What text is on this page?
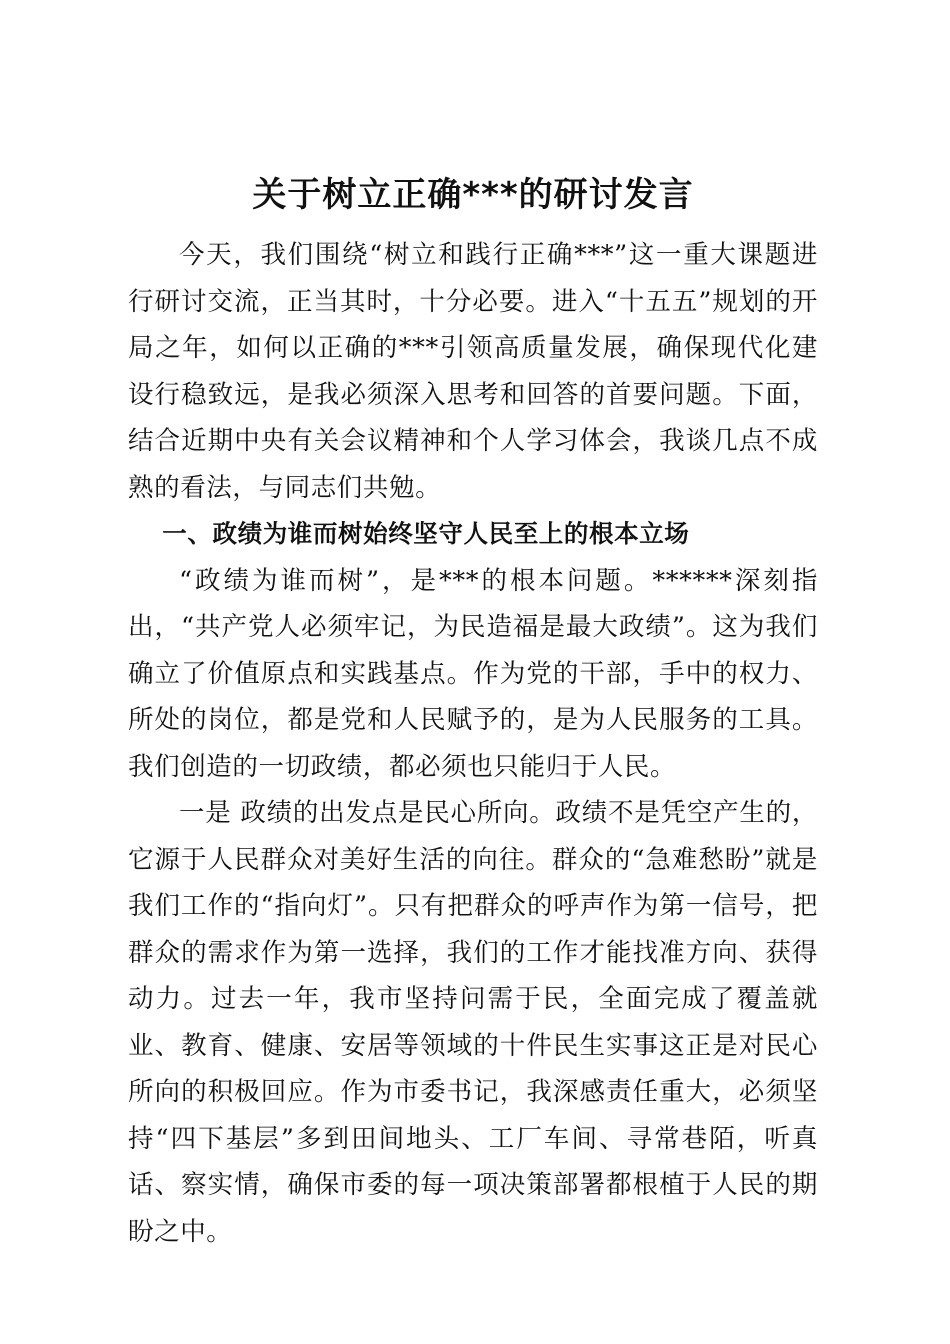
关于树立正确***的研讨发言

今天，我们围绕“树立和践行正确***”这一重大课题进行研讨交流，正当其时，十分必要。进入“十五五”规划的开局之年，如何以正确的***引领高质量发展，确保现代化建设行稳致远，是我必须深入思考和回答的首要问题。下面，结合近期中央有关会议精神和个人学习体会，我谈几点不成熟的看法，与同志们共勉。

一、政绩为谁而树始终坚守人民至上的根本立场

“政绩为谁而树”，是***的根本问题。******深刻指出，“共产党人必须牢记，为民造福是最大政绩”。这为我们确立了价值原点和实践基点。作为党的干部，手中的权力、所处的岗位，都是党和人民赋予的，是为人民服务的工具。我们创造的一切政绩，都必须也只能归于人民。

一是 政绩的出发点是民心所向。政绩不是凭空产生的，它源于人民群众对美好生活的向往。群众的“急难愁盼”就是我们工作的“指向灯”。只有把群众的呼声作为第一信号，把群众的需求作为第一选择，我们的工作才能找准方向、获得动力。过去一年，我市坚持问需于民，全面完成了覆盖就业、教育、健康、安居等领域的十件民生实事这正是对民心所向的积极回应。作为市委书记，我深感责任重大，必须坚持“四下基层”多到田间地头、工厂车间、寻常巷陌，听真话、察实情，确保市委的每一项决策部署都根植于人民的期盼之中。
